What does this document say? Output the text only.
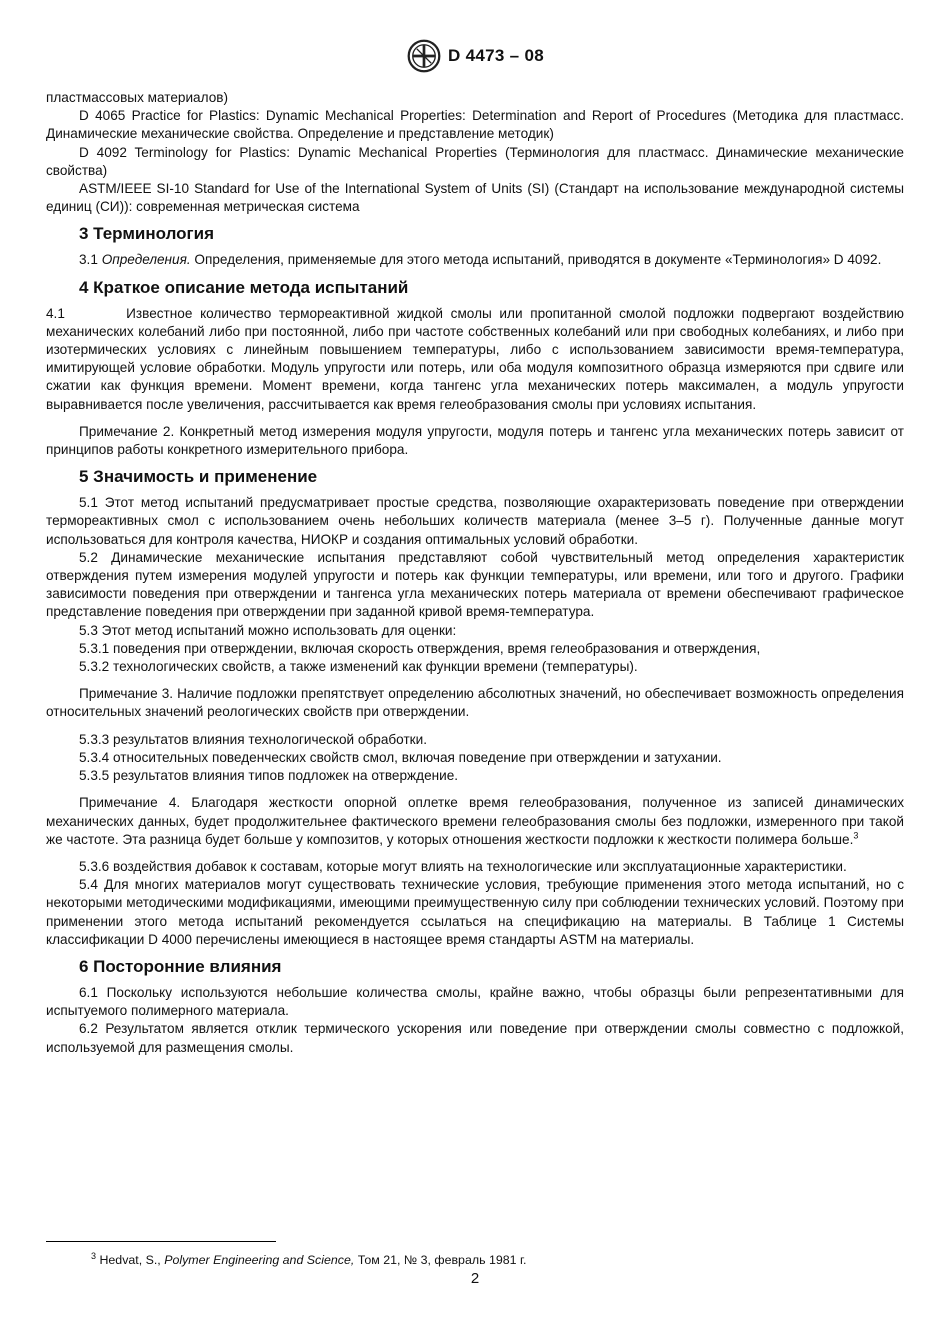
D 4473 – 08

пластмассовых материалов)

D 4065 Practice for Plastics: Dynamic Mechanical Properties: Determination and Report of Procedures (Методика для пластмасс. Динамические механические свойства. Определение и представление методик)

D 4092 Terminology for Plastics: Dynamic Mechanical Properties (Терминология для пластмасс. Динамические механические свойства)

ASTM/IEEE SI-10 Standard for Use of the International System of Units (SI) (Стандарт на использование международной системы единиц (СИ)): современная метрическая система

3 Терминология

3.1 Определения. Определения, применяемые для этого метода испытаний, приводятся в документе «Терминология» D 4092.

4 Краткое описание метода испытаний

4.1        Известное количество термореактивной жидкой смолы или пропитанной смолой подложки подвергают воздействию механических колебаний либо при постоянной, либо при частоте собственных колебаний или при свободных колебаниях, и либо при изотермических условиях с линейным повышением температуры, либо с использованием зависимости время-температура, имитирующей условие обработки. Модуль упругости или потерь, или оба модуля композитного образца измеряются при сдвиге или сжатии как функция времени. Момент времени, когда тангенс угла механических потерь максимален, а модуль упругости выравнивается после увеличения, рассчитывается как время гелеобразования смолы при условиях испытания.

Примечание 2. Конкретный метод измерения модуля упругости, модуля потерь и тангенс угла механических потерь зависит от принципов работы конкретного измерительного прибора.

5 Значимость и применение

5.1 Этот метод испытаний предусматривает простые средства, позволяющие охарактеризовать поведение при отверждении термореактивных смол с использованием очень небольших количеств материала (менее 3–5 г). Полученные данные могут использоваться для контроля качества, НИОКР и создания оптимальных условий обработки.

5.2 Динамические механические испытания представляют собой чувствительный метод определения характеристик отверждения путем измерения модулей упругости и потерь как функции температуры, или времени, или того и другого. Графики зависимости поведения при отверждении и тангенса угла механических потерь материала от времени обеспечивают графическое представление поведения при отверждении при заданной кривой время-температура.

5.3 Этот метод испытаний можно использовать для оценки:

5.3.1 поведения при отверждении, включая скорость отверждения, время гелеобразования и отверждения,

5.3.2 технологических свойств, а также изменений как функции времени (температуры).

Примечание 3. Наличие подложки препятствует определению абсолютных значений, но обеспечивает возможность определения относительных значений реологических свойств при отверждении.

5.3.3 результатов влияния технологической обработки.

5.3.4 относительных поведенческих свойств смол, включая поведение при отверждении и затухании.

5.3.5 результатов влияния типов подложек на отверждение.

Примечание 4. Благодаря жесткости опорной оплетке время гелеобразования, полученное из записей динамических механических данных, будет продолжительнее фактического времени гелеобразования смолы без подложки, измеренного при такой же частоте. Эта разница будет больше у композитов, у которых отношения жесткости подложки к жесткости полимера больше.$^3$

5.3.6 воздействия добавок к составам, которые могут влиять на технологические или эксплуатационные характеристики.

5.4 Для многих материалов могут существовать технические условия, требующие применения этого метода испытаний, но с некоторыми методическими модификациями, имеющими преимущественную силу при соблюдении технических условий. Поэтому при применении этого метода испытаний рекомендуется ссылаться на спецификацию на материалы. В Таблице 1 Системы классификации D 4000 перечислены имеющиеся в настоящее время стандарты ASTM на материалы.

6 Посторонние влияния

6.1 Поскольку используются небольшие количества смолы, крайне важно, чтобы образцы были репрезентативными для испытуемого полимерного материала.

6.2 Результатом является отклик термического ускорения или поведение при отверждении смолы совместно с подложкой, используемой для размещения смолы.

$^3$ Hedvat, S., Polymer Engineering and Science, Том 21, № 3, февраль 1981 г.
2
